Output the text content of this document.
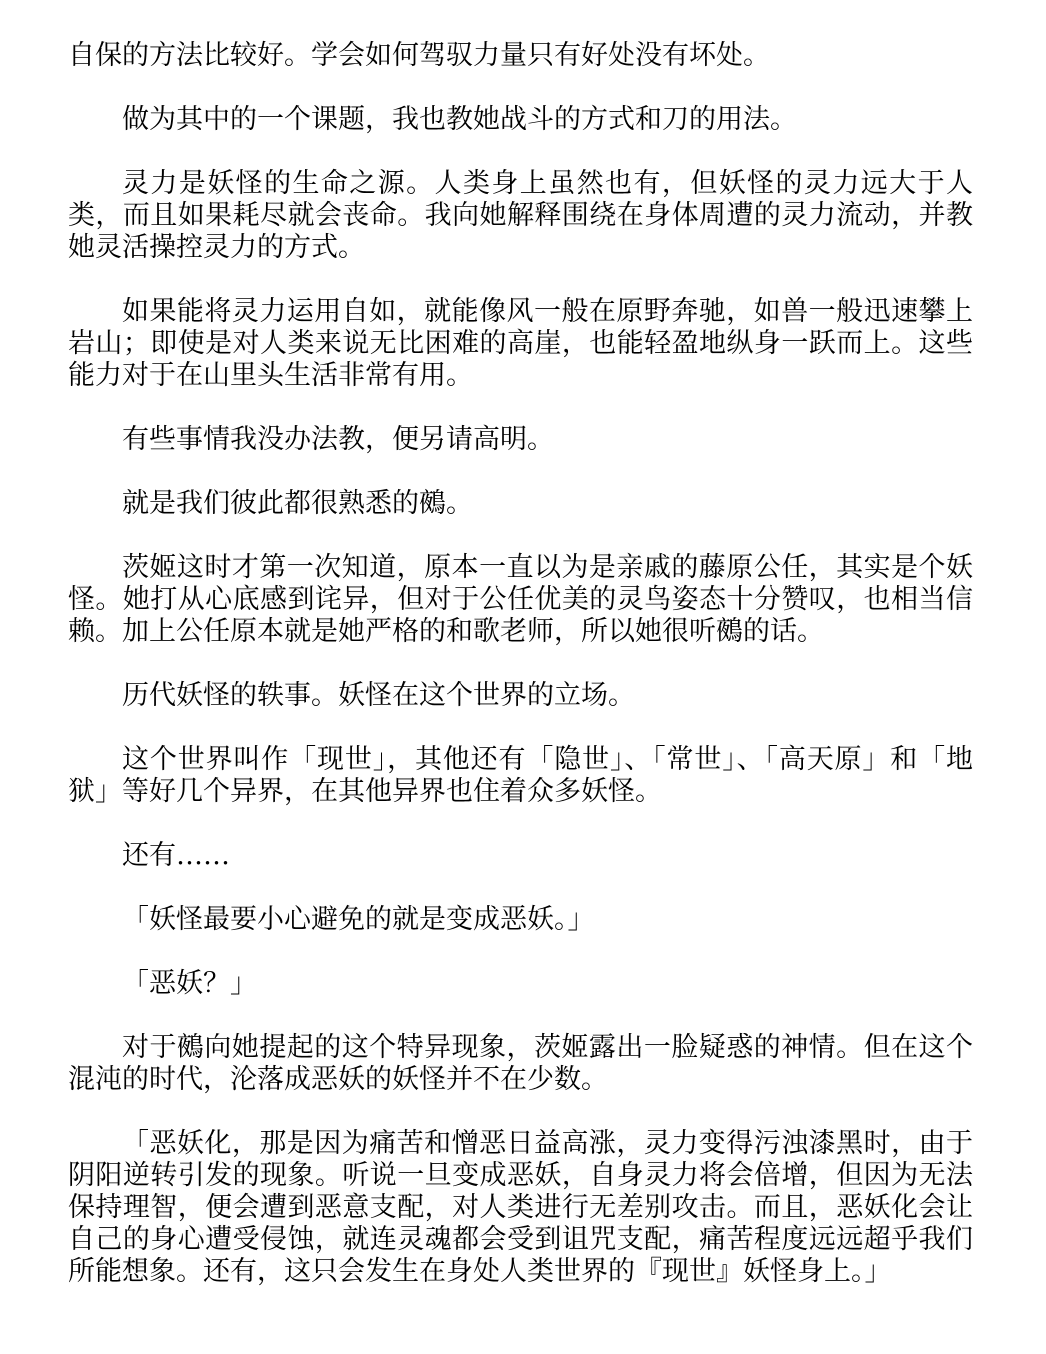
自保的方法比较好。学会如何驾驭力量只有好处没有坏处。

做为其中的一个课题，我也教她战斗的方式和刀的用法。

灵力是妖怪的生命之源。人类身上虽然也有，但妖怪的灵力远大于人类，而且如果耗尽就会丧命。我向她解释围绕在身体周遭的灵力流动，并教她灵活操控灵力的方式。

如果能将灵力运用自如，就能像风一般在原野奔驰，如兽一般迅速攀上岩山；即使是对人类来说无比困难的高崖，也能轻盈地纵身一跃而上。这些能力对于在山里头生活非常有用。

有些事情我没办法教，便另请高明。

就是我们彼此都很熟悉的鵺。

茨姬这时才第一次知道，原本一直以为是亲戚的藤原公任，其实是个妖怪。她打从心底感到诧异，但对于公任优美的灵鸟姿态十分赞叹，也相当信赖。加上公任原本就是她严格的和歌老师，所以她很听鵺的话。

历代妖怪的轶事。妖怪在这个世界的立场。

这个世界叫作「现世」，其他还有「隐世」、「常世」、「高天原」和「地狱」等好几个异界，在其他异界也住着众多妖怪。

还有……

「妖怪最要小心避免的就是变成恶妖。」

「恶妖？」

对于鵺向她提起的这个特异现象，茨姬露出一脸疑惑的神情。但在这个混沌的时代，沦落成恶妖的妖怪并不在少数。

「恶妖化，那是因为痛苦和憎恶日益高涨，灵力变得污浊漆黑时，由于阴阳逆转引发的现象。听说一旦变成恶妖，自身灵力将会倍增，但因为无法保持理智，便会遭到恶意支配，对人类进行无差别攻击。而且，恶妖化会让自己的身心遭受侵蚀，就连灵魂都会受到诅咒支配，痛苦程度远远超乎我们所能想象。还有，这只会发生在身处人类世界的『现世』妖怪身上。」
